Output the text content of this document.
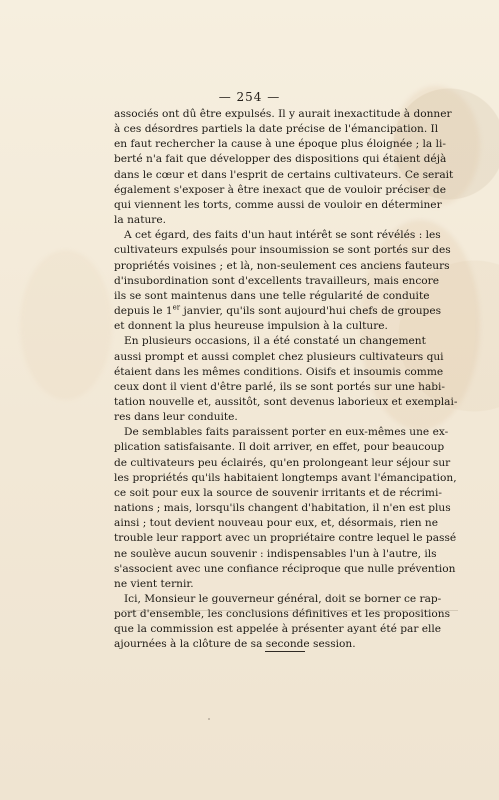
— 254 —

associés ont dû être expulsés. Il y aurait inexactitude à donner
à ces désordres partiels la date précise de l'émancipation. Il
en faut rechercher la cause à une époque plus éloignée ; la li-
berté n'a fait que développer des dispositions qui étaient déjà
dans le cœur et dans l'esprit de certains cultivateurs. Ce serait
également s'exposer à être inexact que de vouloir préciser de
qui viennent les torts, comme aussi de vouloir en déterminer
la nature.

A cet égard, des faits d'un haut intérêt se sont révélés : les
cultivateurs expulsés pour insoumission se sont portés sur des
propriétés voisines ; et là, non-seulement ces anciens fauteurs
d'insubordination sont d'excellents travailleurs, mais encore
ils se sont maintenus dans une telle régularité de conduite
depuis le 1er janvier, qu'ils sont aujourd'hui chefs de groupes
et donnent la plus heureuse impulsion à la culture.

En plusieurs occasions, il a été constaté un changement
aussi prompt et aussi complet chez plusieurs cultivateurs qui
étaient dans les mêmes conditions. Oisifs et insoumis comme
ceux dont il vient d'être parlé, ils se sont portés sur une habi-
tation nouvelle et, aussitôt, sont devenus laborieux et exemplai-
res dans leur conduite.

De semblables faits paraissent porter en eux-mêmes une ex-
plication satisfaisante. Il doit arriver, en effet, pour beaucoup
de cultivateurs peu éclairés, qu'en prolongeant leur séjour sur
les propriétés qu'ils habitaient longtemps avant l'émancipation,
ce soit pour eux la source de souvenir irritants et de récrimi-
nations ; mais, lorsqu'ils changent d'habitation, il n'en est plus
ainsi ; tout devient nouveau pour eux, et, désormais, rien ne
trouble leur rapport avec un propriétaire contre lequel le passé
ne soulève aucun souvenir : indispensables l'un à l'autre, ils
s'associent avec une confiance réciproque que nulle prévention
ne vient ternir.

Ici, Monsieur le gouverneur général, doit se borner ce rap-
port d'ensemble, les conclusions définitives et les propositions
que la commission est appelée à présenter ayant été par elle
ajournées à la clôture de sa seconde session.
